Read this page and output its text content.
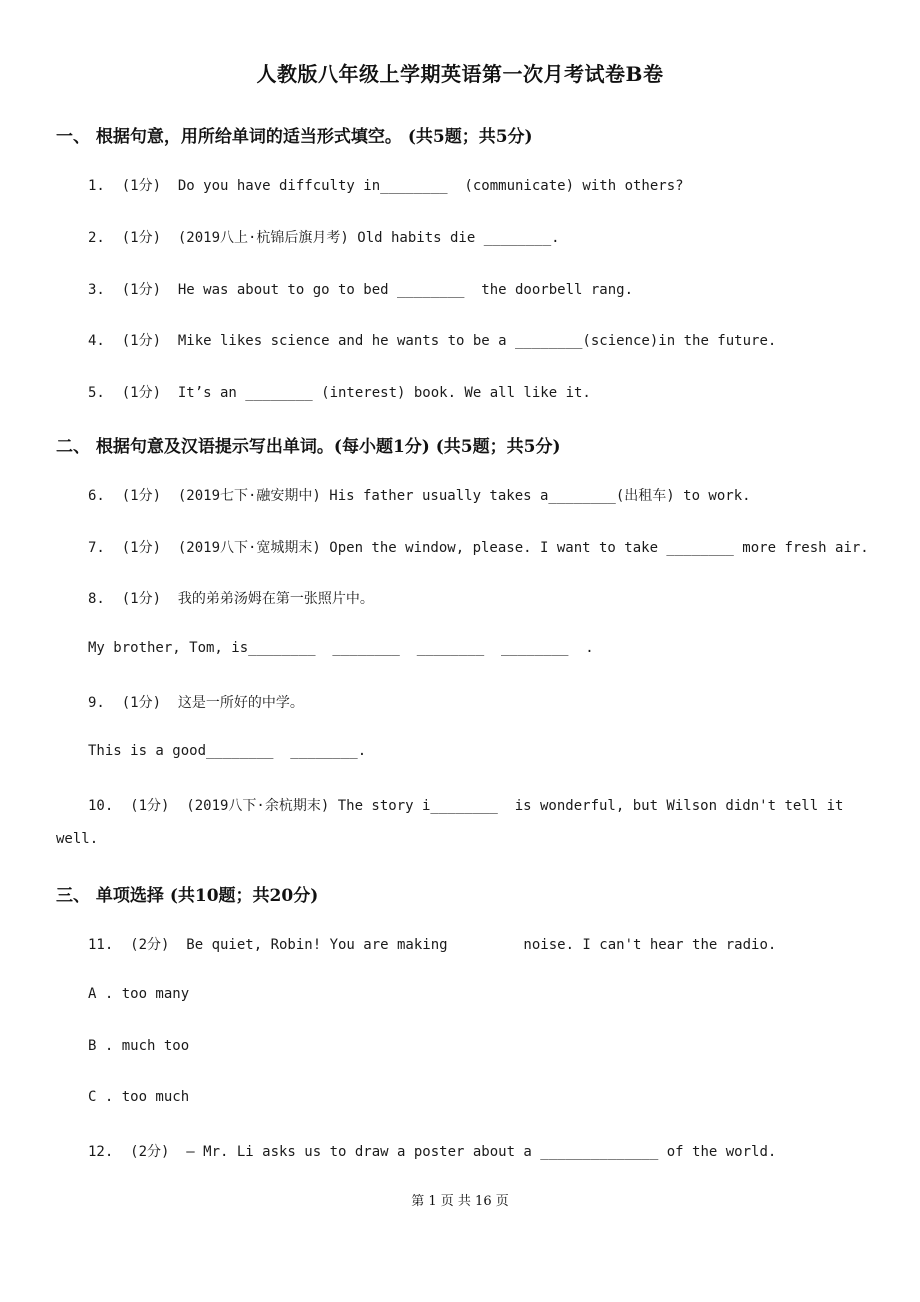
人教版八年级上学期英语第一次月考试卷B卷
一、 根据句意，用所给单词的适当形式填空。 (共5题；共5分)
1.  (1分)  Do you have diffculty in________  (communicate) with others?
2.  (1分)  (2019八上·杭锦后旗月考) Old habits die ________.
3.  (1分)  He was about to go to bed ________  the doorbell rang.
4.  (1分)  Mike likes science and he wants to be a ________(science)in the future.
5.  (1分)  It’s an ________ (interest) book. We all like it.
二、 根据句意及汉语提示写出单词。(每小题1分) (共5题；共5分)
6.  (1分)  (2019七下·融安期中) His father usually takes a________(出租车) to work.
7.  (1分)  (2019八下·宽城期末) Open the window, please. I want to take ________ more fresh air.
8.  (1分)  我的弟弟汤姆在第一张照片中。
My brother, Tom, is________  ________  ________  ________  .
9.  (1分)  这是一所好的中学。
This is a good________  ________.
10.  (1分)  (2019八下·余杭期末) The story i________  is wonderful, but Wilson didn't tell it
well.
三、 单项选择 (共10题；共20分)
11.  (2分)  Be quiet, Robin! You are making         noise. I can't hear the radio.
A . too many
B . much too
C . too much
12.  (2分)  — Mr. Li asks us to draw a poster about a ______________ of the world.
第 1 页 共 16 页
